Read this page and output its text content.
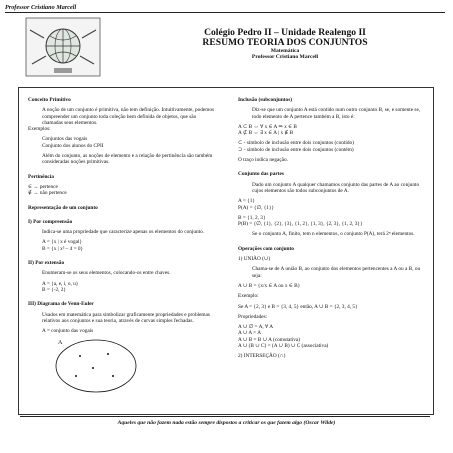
Professor Cristiano Marcell
Colégio Pedro II – Unidade Realengo II
RESUMO TEORIA DOS CONJUNTOS
Matemática
Professor Cristiano Marcell
Conceito Primitivo

A noção de um conjunto é primitiva, não tem definição. Intuitivamente, podemos compreender um conjunto toda coleção bem definida de objetos, que são chamadas seus elementos.

Exemplos:

Conjuntos das vogais

Conjunto dos alunos do CPII

Além do conjunto, as noções de elemento e a relação de pertinência são também consideradas noções primitivas.

Pertinência

∈ → pertence

∉ → não pertence

Representação de um conjunto
I) Por compreensão

Indica-se uma propriedade que caracterize apenas os elementos do conjunto.

A = {x | x é vogal}

B = {x | x² – 4 = 0}

II) Por extensão

Enumeram-se os seus elementos, colocando-os entre chaves.

A = {a, e, i, o, u}

B = {-2, 2}

III) Diagrama de Venn-Euler

Usados em matemática para simbolizar graficamente propriedades e problemas relativos aos conjuntos e sua teoria, através de curvas simples fechadas.

A = conjunto das vogais

A
Inclusão (subconjuntos)

Diz-se que um conjunto A está contido num outro conjunto B, se, e somente se, todo elemento de A pertence também a B, isto é:

A ⊂ B ⇔ ∀ x ∈ A ⇒ x ∈ B

A ⊄ B ⇔ ∃ x ∈ A | x ∉ B

⊂ - símbolo de inclusão entre dois conjuntos (contido)

⊃ - símbolo de inclusão entre dois conjuntos (contém)

O traço indica negação.

Conjunto das partes

Dado um conjunto A qualquer chamamos conjunto das partes de A ao conjunto cujos elementos são todos subconjuntos de A.

A = {1}

P(A) = {∅, {1}}

B = {1, 2, 3}

P(B) = {∅, {1}, {2}, {3}, {1, 2}, {1, 3}, {2, 3}, {1, 2, 3}}

Se o conjunto A, finito, tem n elementos, o conjunto P(A), terá 2ⁿ elementos.

Operações com conjunto

1) UNIÃO (∪)

Chama-se de A união B, ao conjunto dos elementos pertencentes a A ou a B, ou seja:

A ∪ B = {x/x ∈ A ou x ∈ B}

Exemplo:

Se A = {2, 3} e B = {3, 4, 5} então, A ∪ B = {2, 3, 4, 5}

Propriedades:

A ∪ ∅ = A, ∀ A

A ∪ A = A

A ∪ B = B ∪ A (comutativa)

A ∪ (B ∪ C) = (A ∪ B) ∪ C (associativa)

2) INTERSEÇÃO (∩)

Aqueles que não fazem nada estão sempre dispostos a criticar os que fazem algo (Oscar Wilde)
